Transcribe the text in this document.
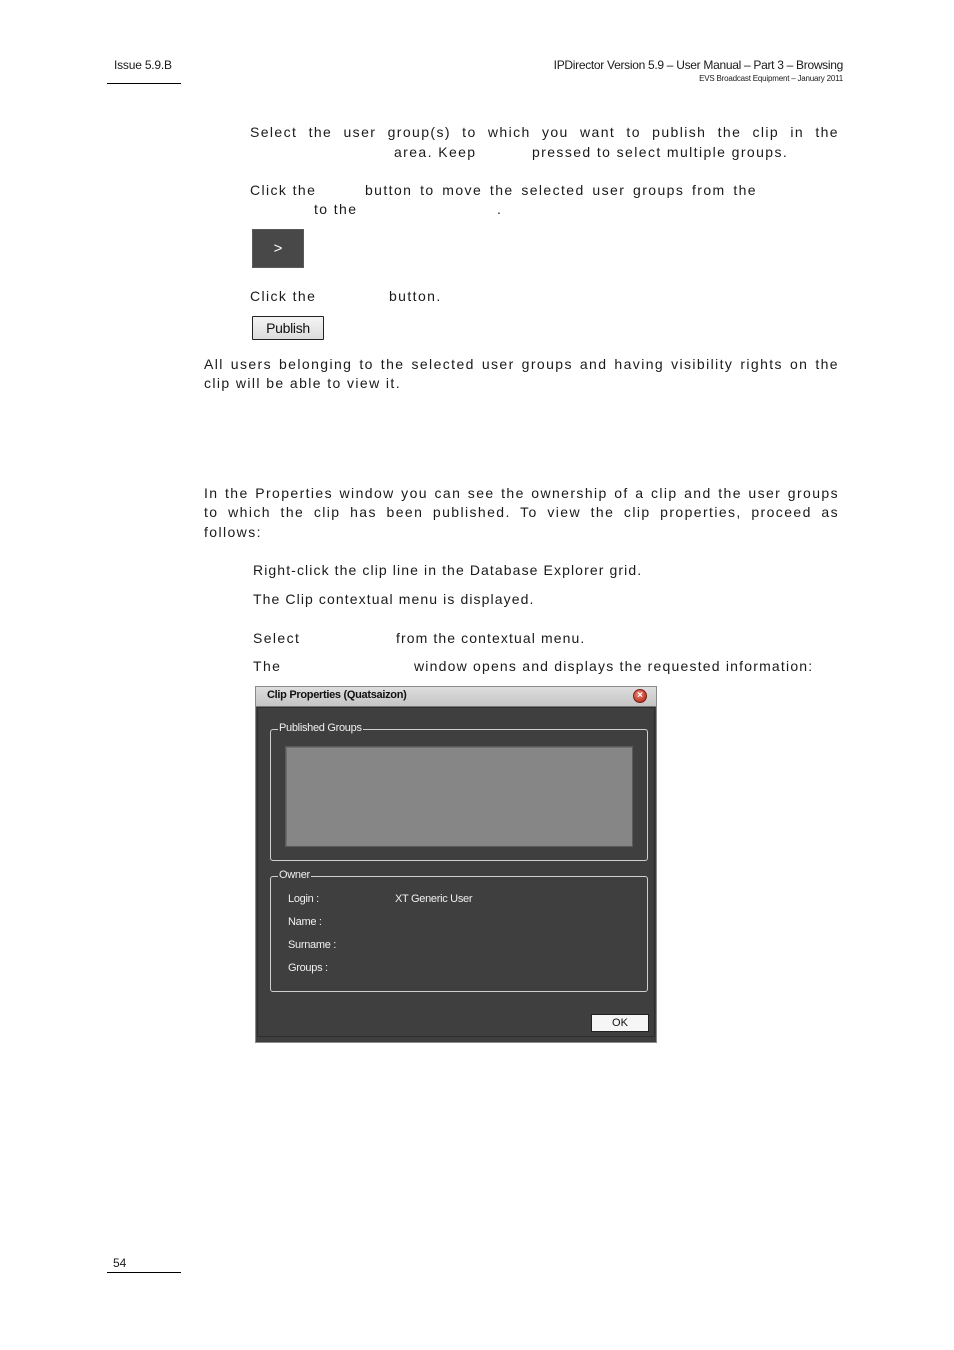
Issue 5.9.B	IPDirector Version 5.9 – User Manual – Part 3 – Browsing
EVS Broadcast Equipment – January 2011
Select the user group(s) to which you want to publish the clip in the
area. Keep	pressed to select multiple groups.
Click the	button to move the selected user groups from the
to the	.
>
Click the	button.
Publish
All users belonging to the selected user groups and having visibility rights on the
clip will be able to view it.
In the Properties window you can see the ownership of a clip and the user groups
to which the clip has been published. To view the clip properties, proceed as
follows:
Right-click the clip line in the Database Explorer grid.
The Clip contextual menu is displayed.
Select	from the contextual menu.
The	window opens and displays the requested information:
Clip Properties (Quatsaizon)	×
Published Groups
Login :	XT Generic User
Name :
Surname :
Groups :
Owner
OK
54
